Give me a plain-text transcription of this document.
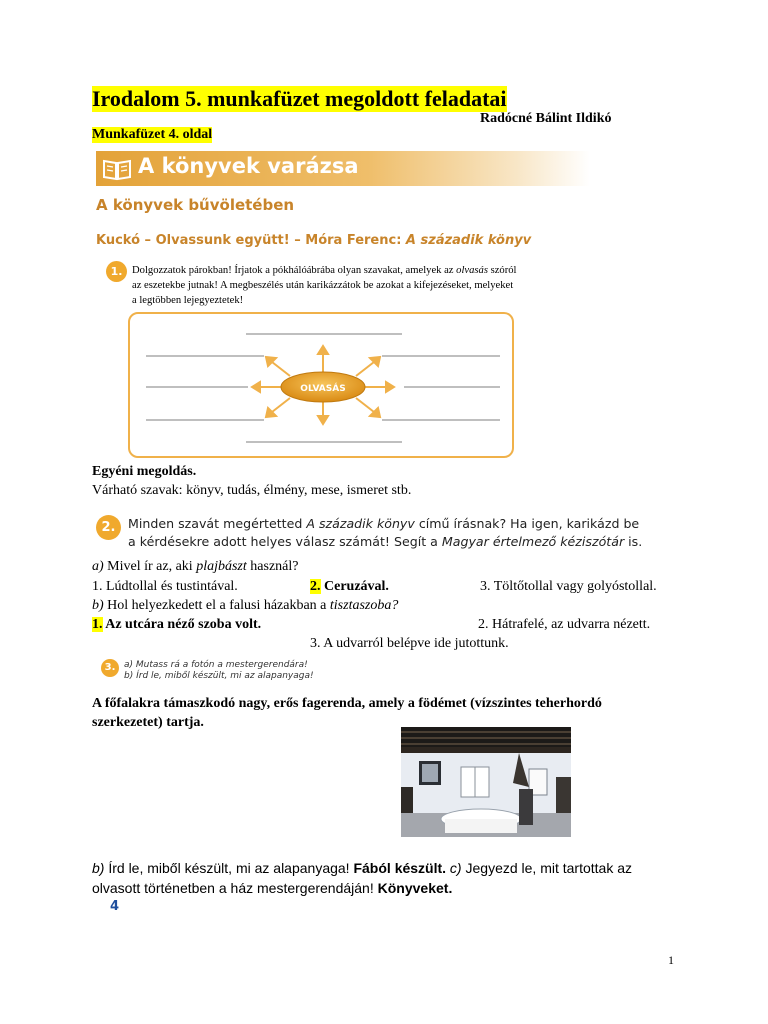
Irodalom 5. munkafüzet megoldott feladatai
Radócné Bálint Ildikó
Munkafüzet 4. oldal
A könyvek varázsa
A könyvek bűvöletében
Kuckó – Olvassunk együtt! – Móra Ferenc: A századik könyv
1. Dolgozzatok párokban! Írjatok a pókhálóábrába olyan szavakat, amelyek az olvasás szóról az eszetekbe jutnak! A megbeszélés után karikázzátok be azokat a kifejezéseket, melyeket a legtöbben lejegyeztetek!
OLVASÁS
Egyéni megoldás.
Várható szavak: könyv, tudás, élmény, mese, ismeret stb.
2. Minden szavát megértetted A századik könyv című írásnak? Ha igen, karikázd be a kérdésekre adott helyes válasz számát! Segít a Magyar értelmező kéziszótár is.
a) Mivel ír az, aki plajbászt használ?
1. Lúdtollal és tustintával.	2. Ceruzával.	3. Töltőtollal vagy golyóstollal.
b) Hol helyezkedett el a falusi házakban a tisztaszoba?
1. Az utcára néző szoba volt.	2. Hátrafelé, az udvarra nézett.
3. A udvarról belépve ide jutottunk.
3. a) Mutass rá a fotón a mestergerendára!
b) Írd le, miből készült, mi az alapanyaga!
A főfalakra támaszkodó nagy, erős fagerenda, amely a födémet (vízszintes teherhordó szerkezetet) tartja.
b) Írd le, miből készült, mi az alapanyaga! Fából készült. c) Jegyezd le, mit tartottak az olvasott történetben a ház mestergerendáján! Könyveket.
4
1
